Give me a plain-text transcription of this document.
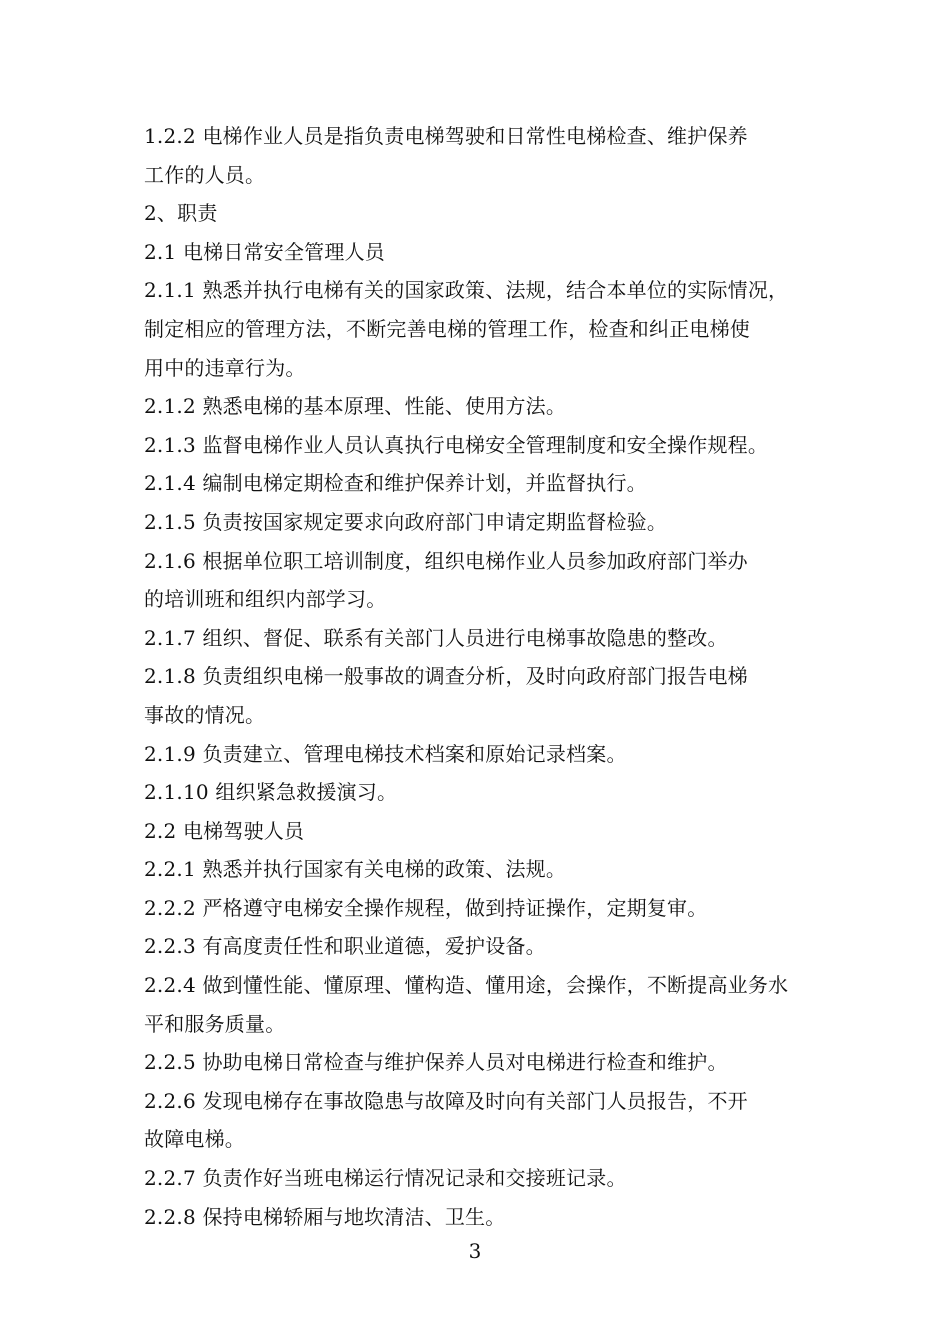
1.2.2 电梯作业人员是指负责电梯驾驶和日常性电梯检查、维护保养
工作的人员。
2、职责
2.1 电梯日常安全管理人员
2.1.1 熟悉并执行电梯有关的国家政策、法规，结合本单位的实际情况，
制定相应的管理方法，不断完善电梯的管理工作，检查和纠正电梯使
用中的违章行为。
2.1.2 熟悉电梯的基本原理、性能、使用方法。
2.1.3 监督电梯作业人员认真执行电梯安全管理制度和安全操作规程。
2.1.4 编制电梯定期检查和维护保养计划，并监督执行。
2.1.5 负责按国家规定要求向政府部门申请定期监督检验。
2.1.6 根据单位职工培训制度，组织电梯作业人员参加政府部门举办
的培训班和组织内部学习。
2.1.7 组织、督促、联系有关部门人员进行电梯事故隐患的整改。
2.1.8 负责组织电梯一般事故的调查分析，及时向政府部门报告电梯
事故的情况。
2.1.9 负责建立、管理电梯技术档案和原始记录档案。
2.1.10 组织紧急救援演习。
2.2 电梯驾驶人员
2.2.1 熟悉并执行国家有关电梯的政策、法规。
2.2.2 严格遵守电梯安全操作规程，做到持证操作，定期复审。
2.2.3 有高度责任性和职业道德，爱护设备。
2.2.4 做到懂性能、懂原理、懂构造、懂用途，会操作，不断提高业务水
平和服务质量。
2.2.5 协助电梯日常检查与维护保养人员对电梯进行检查和维护。
2.2.6 发现电梯存在事故隐患与故障及时向有关部门人员报告，不开
故障电梯。
2.2.7 负责作好当班电梯运行情况记录和交接班记录。
2.2.8 保持电梯轿厢与地坎清洁、卫生。
3
